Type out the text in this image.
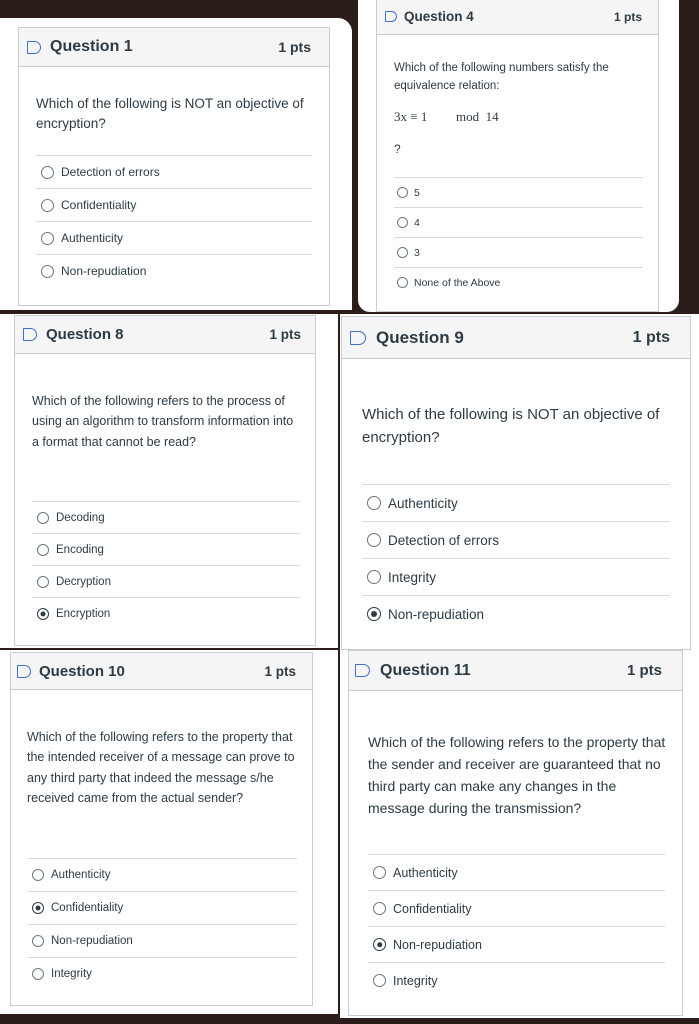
Question 1	1 pts
Which of the following is NOT an objective of encryption?
Detection of errors
Confidentiality
Authenticity
Non-repudiation
Question 4	1 pts
Which of the following numbers satisfy the equivalence relation:
3x ≡ 1 mod  14
?
5
4
3
None of the Above
Question 8	1 pts
Which of the following refers to the process of using an algorithm to transform information into a format that cannot be read?
Decoding
Encoding
Decryption
Encryption
Question 9	1 pts
Which of the following is NOT an objective of encryption?
Authenticity
Detection of errors
Integrity
Non-repudiation
Question 10	1 pts
Which of the following refers to the property that the intended receiver of a message can prove to any third party that indeed the message s/he received came from the actual sender?
Authenticity
Confidentiality
Non-repudiation
Integrity
Question 11	1 pts
Which of the following refers to the property that the sender and receiver are guaranteed that no third party can make any changes in the message during the transmission?
Authenticity
Confidentiality
Non-repudiation
Integrity
